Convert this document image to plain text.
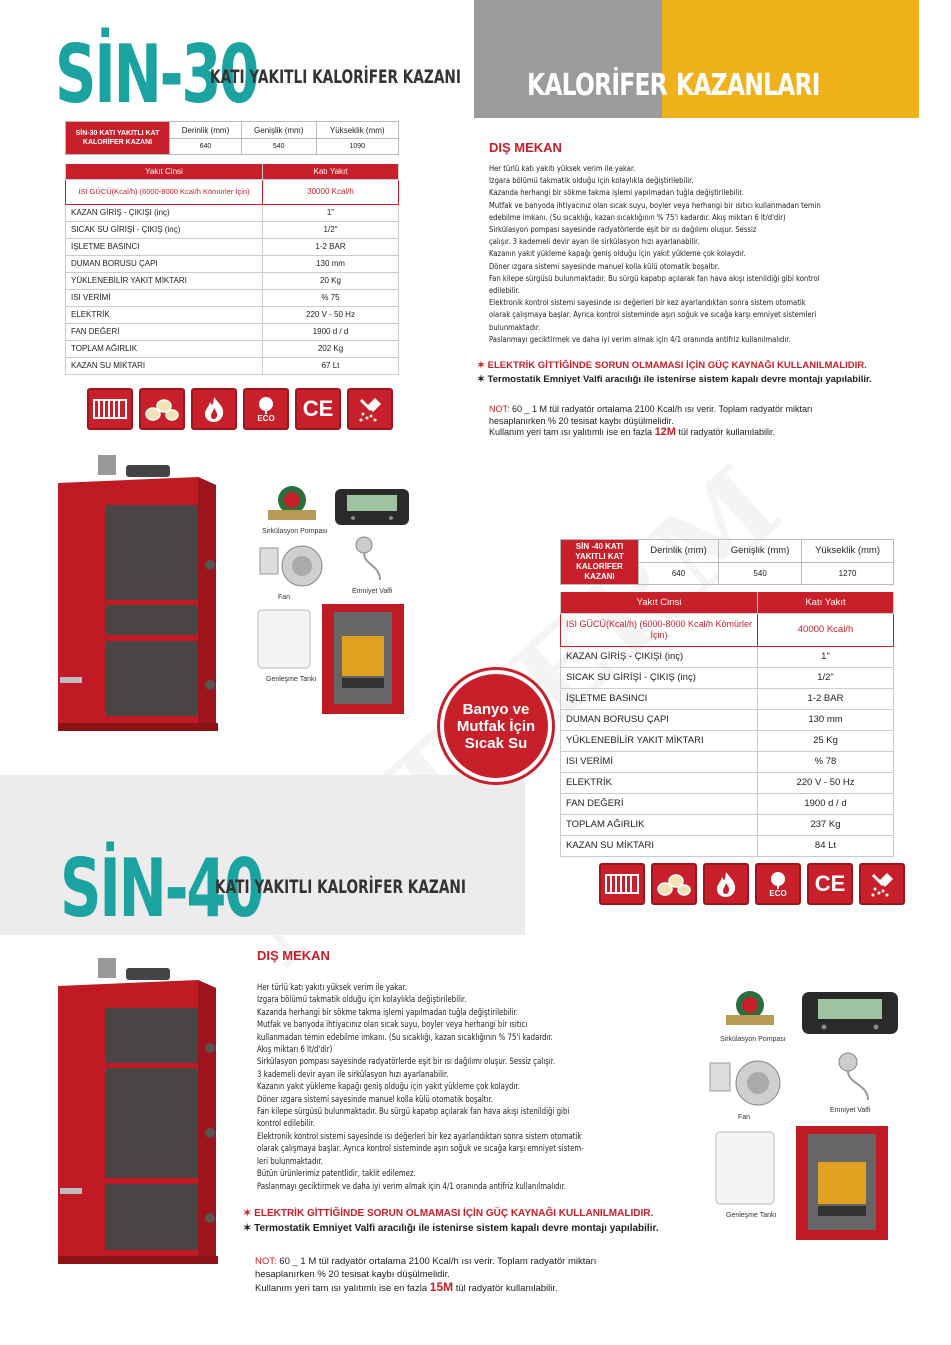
KALORİFER KAZANLARI
SİN-30
KATI YAKITLI KALORİFER KAZANI
SİN-30 KATI YAKITLI KAT KALORİFER KAZANI	Derinlik (mm)	Genişlik (mm)	Yükseklik (mm)
	640	540	1090
Yakıt Cinsi	Katı Yakıt
ISI GÜCÜ(Kcal/h) (6000-8000 Kcal/h Kömürler İçin)	30000 Kcal/h
KAZAN GİRİŞ - ÇIKIŞI (inç)	1"
SICAK SU GİRİŞİ - ÇIKIŞ (inç)	1/2"
İŞLETME BASINCI	1-2 BAR
DUMAN BORUSU ÇAPI	130 mm
YÜKLENEBİLİR YAKIT MİKTARI	20 Kg
ISI VERİMİ	% 75
ELEKTRİK	220 V - 50 Hz
FAN DEĞERİ	1900 d / d
TOPLAM AĞIRLIK	202 Kg
KAZAN SU MİKTARI	67 Lt
ECO CE
DIŞ MEKAN
Her türlü katı yakıtı yüksek verim ile yakar.
Izgara bölümü takmatik olduğu için kolaylıkla değiştirilebilir.
Kazanda herhangi bir sökme takma işlemi yapılmadan tuğla değiştirilebilir.
Mutfak ve banyoda ihtiyacınız olan sıcak suyu, boyler veya herhangi bir ısıtıcı kullanmadan temin
edebilme imkanı. (Su sıcaklığı, kazan sıcaklığının % 75'i kadardır. Akış miktarı 6 lt/d'dir)
Sirkülasyon pompası sayesinde radyatörlerde eşit bir ısı dağılımı oluşur. Sessiz
çalışır. 3 kademeli devir ayarı ile sirkülasyon hızı ayarlanabilir.
Kazanın yakıt yükleme kapağı geniş olduğu için yakıt yükleme çok kolaydır.
Döner ızgara sistemi sayesinde manuel kolla külü otomatik boşaltır.
Fan kilepe sürgüsü bulunmaktadır. Bu sürgü kapatıp açılarak fan hava akışı istenildiği gibi kontrol
edilebilir.
Elektronik kontrol sistemi sayesinde ısı değerleri bir kez ayarlandıktan sonra sistem otomatik
olarak çalışmaya başlar. Ayrıca kontrol sisteminde aşırı soğuk ve sıcağa karşı emniyet sistemleri
bulunmaktadır.
Paslanmayı geciktirmek ve daha iyi verim almak için 4/1 oranında antifriz kullanılmalıdır.
✶ ELEKTRİK GİTTİĞİNDE SORUN OLMAMASI İÇİN GÜÇ KAYNAĞI KULLANILMALIDIR.
✶ Termostatik Emniyet Valfi aracılığı ile istenirse sistem kapalı devre montajı yapılabilir.
NOT: 60 _ 1 M tül radyatör ortalama 2100 Kcal/h ısı verir. Toplam radyatör miktarı
hesaplanırken % 20 tesisat kaybı düşülmelidir.
Kullanım yeri tam ısı yalıtımlı ise en fazla 12M tül radyatör kullanılabilir.
Sirkülasyon Pompası
Emniyet Valfi
Fan
Genleşme Tankı
SİN -40 KATI YAKITLI KAT KALORİFER KAZANI	Derinlik (mm)	Genişlik (mm)	Yükseklik (mm)
	640	540	1270
Yakıt Cinsi	Katı Yakıt
ISI GÜCÜ(Kcal/h) (6000-8000 Kcal/h Kömürler İçin)	40000 Kcal/h
KAZAN GİRİŞ - ÇIKIŞI (inç)	1"
SICAK SU GİRİŞİ - ÇIKIŞ (inç)	1/2"
İŞLETME BASINCI	1-2 BAR
DUMAN BORUSU ÇAPI	130 mm
YÜKLENEBİLİR YAKIT MİKTARI	25 Kg
ISI VERİMİ	% 78
ELEKTRİK	220 V - 50 Hz
FAN DEĞERİ	1900 d / d
TOPLAM AĞIRLIK	237 Kg
KAZAN SU MİKTARI	84 Lt
ECO CE
SİN-40
KATI YAKITLI KALORİFER KAZANI
Banyo ve Mutfak İçin Sıcak Su
DIŞ MEKAN
Her türlü katı yakıtı yüksek verim ile yakar.
Izgara bölümü takmatik olduğu için kolaylıkla değiştirilebilir.
Kazanda herhangi bir sökme takma işlemi yapılmadan tuğla değiştirilebilir.
Mutfak ve banyoda ihtiyacınız olan sıcak suyu, boyler veya herhangi bir ısıtıcı
kullanmadan temin edebilme imkanı. (Su sıcaklığı, kazan sıcaklığının % 75'i kadardır.
Akış miktarı 6 lt/d'dir)
Sirkülasyon pompası sayesinde radyatörlerde eşit bir ısı dağılımı oluşur. Sessiz çalışır.
3 kademeli devir ayarı ile sirkülasyon hızı ayarlanabilir.
Kazanın yakıt yükleme kapağı geniş olduğu için yakıt yükleme çok kolaydır.
Döner ızgara sistemi sayesinde manuel kolla külü otomatik boşaltır.
Fan kilepe sürgüsü bulunmaktadır. Bu sürgü kapatıp açılarak fan hava akışı istenildiği gibi
kontrol edilebilir.
Elektronik kontrol sistemi sayesinde ısı değerleri bir kez ayarlandıktan sonra sistem otomatik
olarak çalışmaya başlar. Ayrıca kontrol sisteminde aşırı soğuk ve sıcağa karşı emniyet sistem-
leri bulunmaktadır.
Bütün ürünlerimiz patentlidir, taklit edilemez.
Paslanmayı geciktirmek ve daha iyi verim almak için 4/1 oranında antifriz kullanılmalıdır.
✶ ELEKTRİK GİTTİĞİNDE SORUN OLMAMASI İÇİN GÜÇ KAYNAĞI KULLANILMALIDIR.
✶ Termostatik Emniyet Valfi aracılığı ile istenirse sistem kapalı devre montajı yapılabilir.
NOT: 60 _ 1 M tül radyatör ortalama 2100 Kcal/h ısı verir. Toplam radyatör miktarı
hesaplanırken % 20 tesisat kaybı düşülmelidir.
Kullanım yeri tam ısı yalıtımlı ise en fazla 15M tül radyatör kullanılabilir.
Sirkülasyon Pompası
Fan
Emniyet Valfi
Genleşme Tankı
